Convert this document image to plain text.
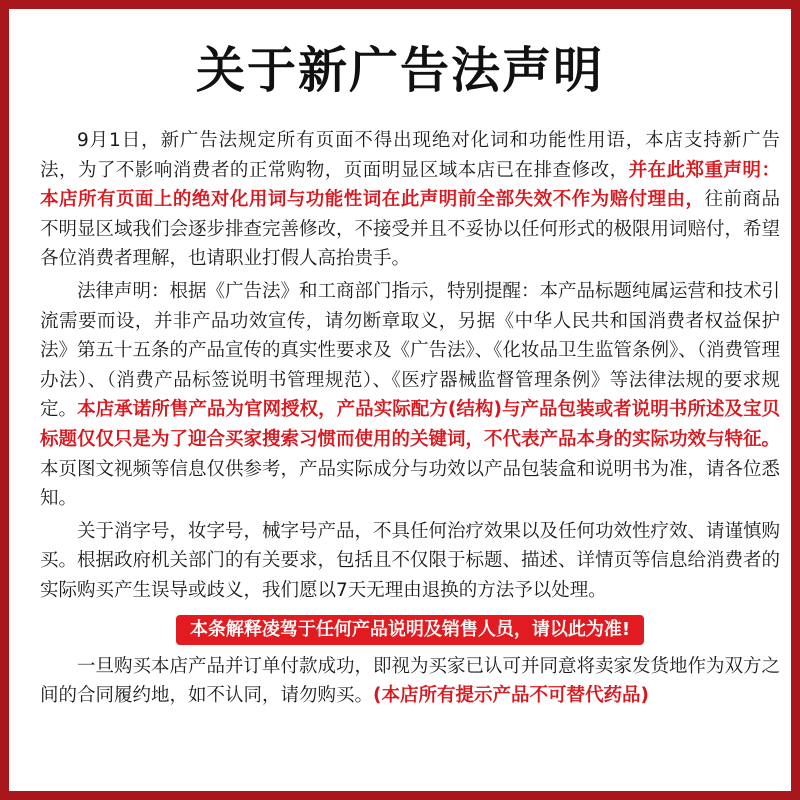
关于新广告法声明

9月1日，新广告法规定所有页面不得出现绝对化词和功能性用语，本店支持新广告法，为了不影响消费者的正常购物，页面明显区域本店已在排查修改，并在此郑重声明：本店所有页面上的绝对化用词与功能性词在此声明前全部失效不作为赔付理由，往前商品不明显区域我们会逐步排查完善修改，不接受并且不妥协以任何形式的极限用词赔付，希望各位消费者理解，也请职业打假人高抬贵手。

法律声明：根据《广告法》和工商部门指示，特别提醒：本产品标题纯属运营和技术引流需要而设，并非产品功效宣传，请勿断章取义，另据《中华人民共和国消费者权益保护法》第五十五条的产品宣传的真实性要求及《广告法》、《化妆品卫生监管条例》、（消费管理办法）、（消费产品标签说明书管理规范）、《医疗器械监督管理条例》等法律法规的要求规定。本店承诺所售产品为官网授权，产品实际配方(结构)与产品包装或者说明书所述及宝贝标题仅仅只是为了迎合买家搜索习惯而使用的关键词，不代表产品本身的实际功效与特征。本页图文视频等信息仅供参考，产品实际成分与功效以产品包装盒和说明书为准，请各位悉知。

关于消字号，妆字号，械字号产品，不具任何治疗效果以及任何功效性疗效、请谨慎购买。根据政府机关部门的有关要求，包括且不仅限于标题、描述、详情页等信息给消费者的实际购买产生误导或歧义，我们愿以7天无理由退换的方法予以处理。

本条解释凌驾于任何产品说明及销售人员，请以此为准!

一旦购买本店产品并订单付款成功，即视为买家已认可并同意将卖家发货地作为双方之间的合同履约地，如不认同，请勿购买。(本店所有提示产品不可替代药品)
